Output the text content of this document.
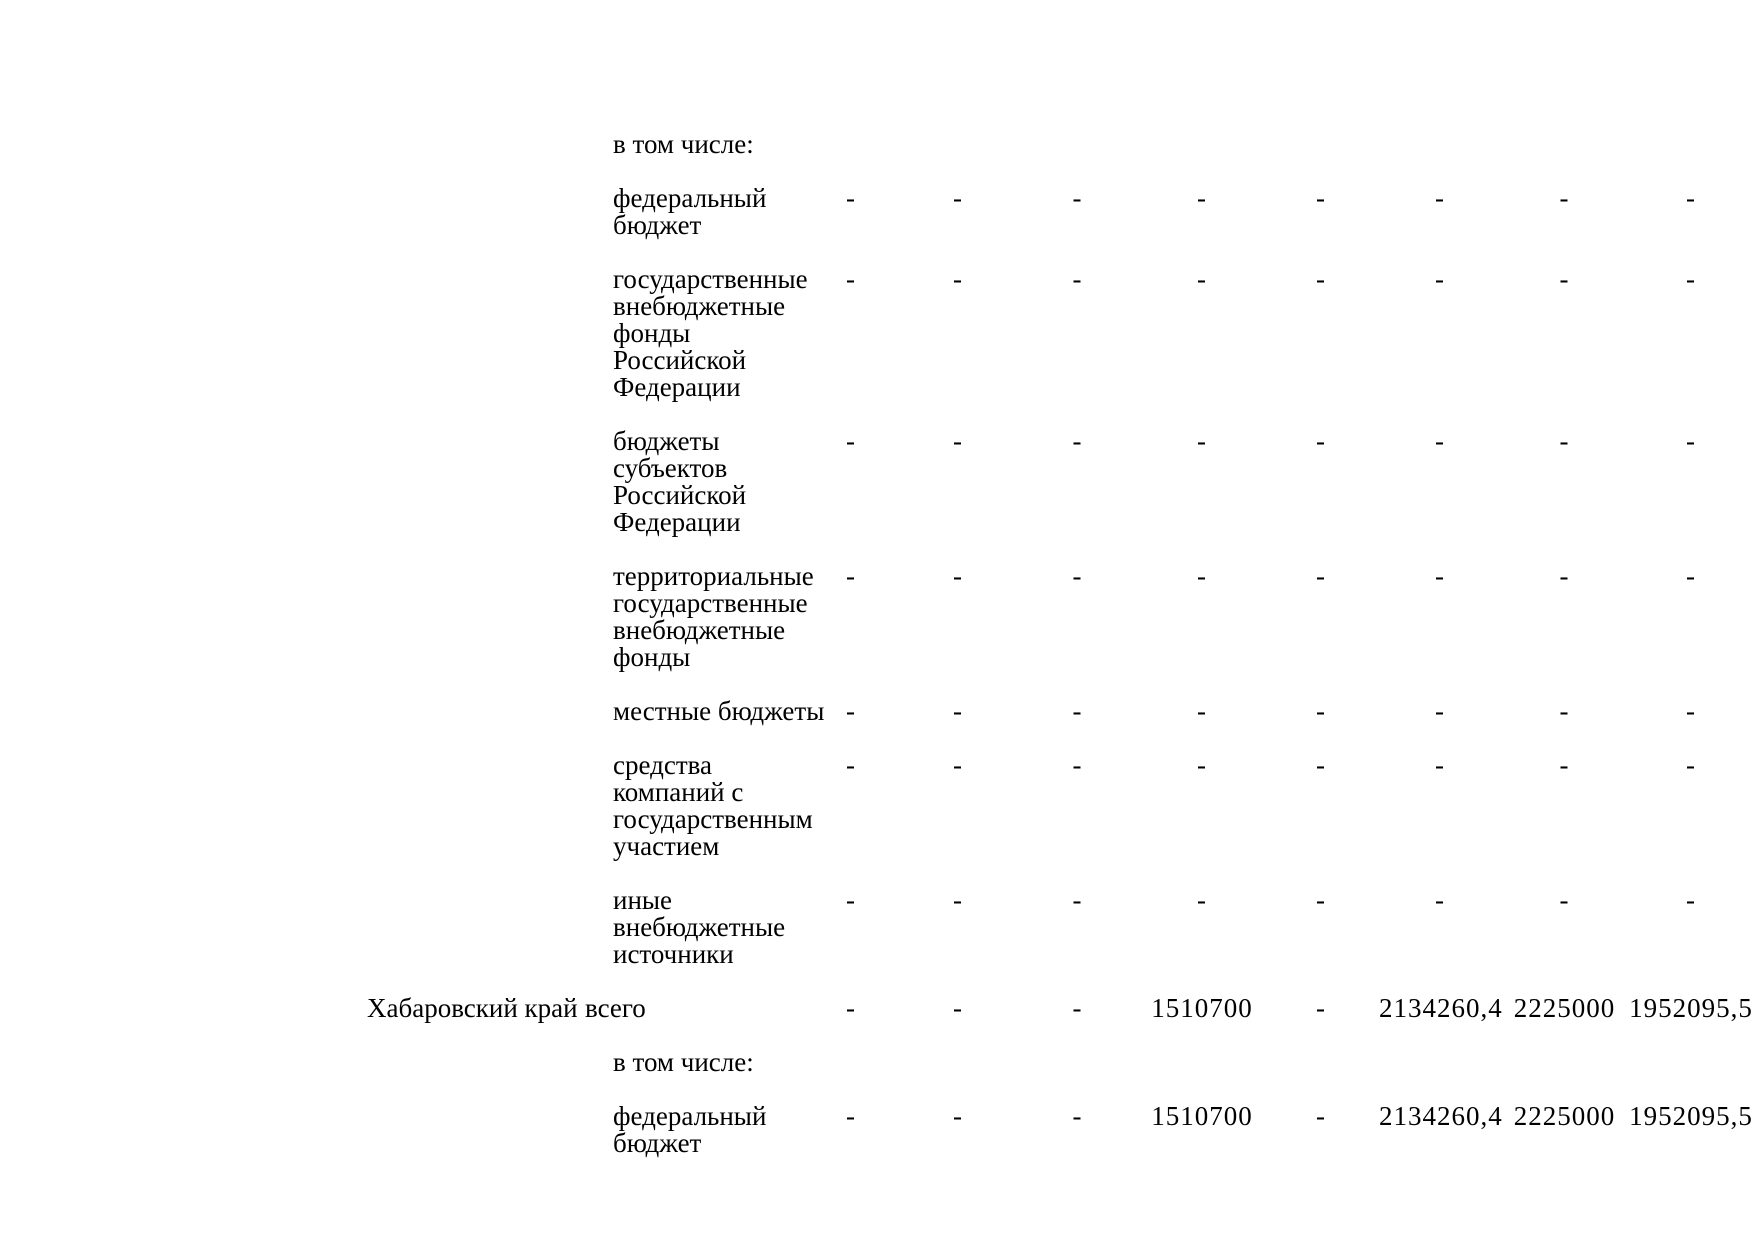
в том числе:
федеральный
бюджет
-	-	-	-	-	-	-	-
государственные
внебюджетные
фонды
Российской
Федерации
-	-	-	-	-	-	-	-
бюджеты
субъектов
Российской
Федерации
-	-	-	-	-	-	-	-
территориальные
государственные
внебюджетные
фонды
-	-	-	-	-	-	-	-
местные бюджеты -	-	-	-	-	-	-	-
средства
компаний с
государственным
участием
-	-	-	-	-	-	-	-
иные
внебюджетные
источники
-	-	-	-	-	-	-	-
Хабаровский край всего	-	-	-	1510700	-	2134260,4 2225000 1952095,5
в том числе:
федеральный
бюджет
-	-	-	1510700	-	2134260,4 2225000 1952095,5
